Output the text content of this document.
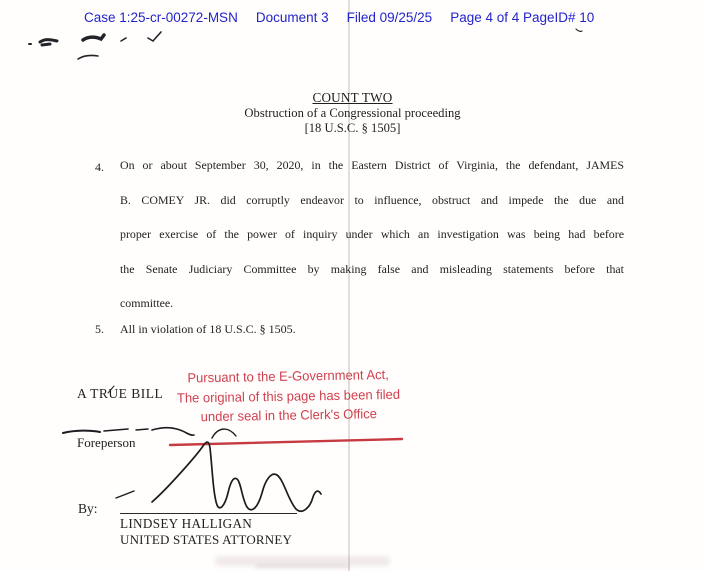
Case 1:25-cr-00272-MSN Document 3 Filed 09/25/25 Page 4 of 4 PageID# 10
COUNT TWO
Obstruction of a Congressional proceeding
[18 U.S.C. § 1505]
4. On or about September 30, 2020, in the Eastern District of Virginia, the defendant, JAMES
B. COMEY JR. did corruptly endeavor to influence, obstruct and impede the due and
proper exercise of the power of inquiry under which an investigation was being had before
the Senate Judiciary Committee by making false and misleading statements before that
committee.
5. All in violation of 18 U.S.C. § 1505.
A TRUE BILL
Pursuant to the E-Government Act,
The original of this page has been filed
under seal in the Clerk's Office
Foreperson
By:
LINDSEY HALLIGAN
UNITED STATES ATTORNEY
